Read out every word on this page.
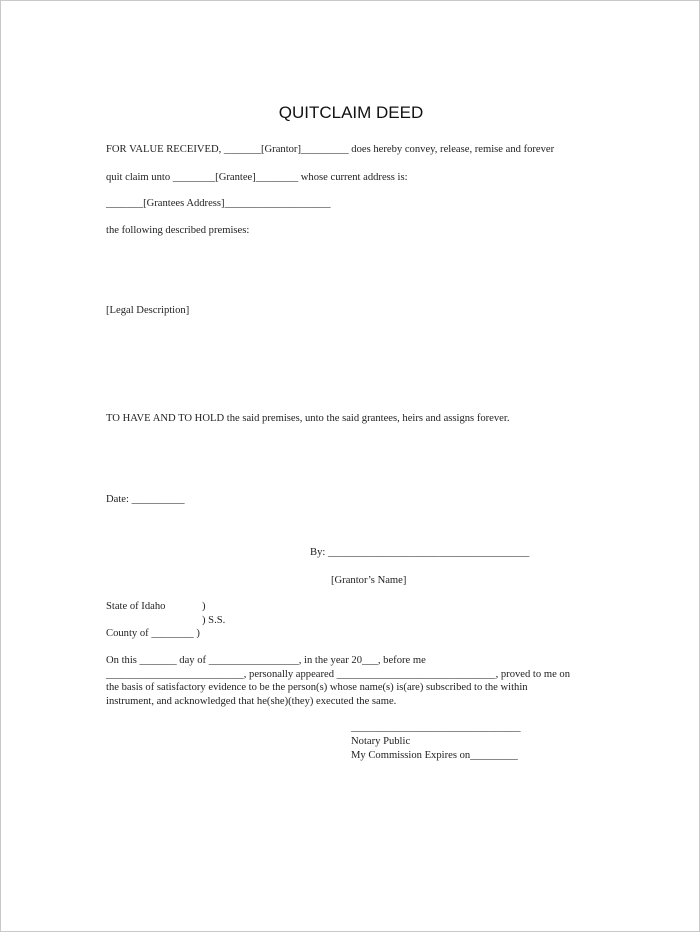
QUITCLAIM DEED
FOR VALUE RECEIVED, _______[Grantor]_________ does hereby convey, release, remise and forever
quit claim unto ________[Grantee]________ whose current address is:
_______[Grantees Address]____________________
the following described premises:
[Legal Description]
TO HAVE AND TO HOLD the said premises, unto the said grantees, heirs and assigns forever.
Date: __________
By: ______________________________________
[Grantor’s Name]
State of Idaho	)
) S.S.
County of ________ )
On this _______ day of _________________, in the year 20___, before me
__________________________, personally appeared ______________________________, proved to me on
the basis of satisfactory evidence to be the person(s) whose name(s) is(are) subscribed to the within
instrument, and acknowledged that he(she)(they) executed the same.
________________________________
Notary Public
My Commission Expires on_________
